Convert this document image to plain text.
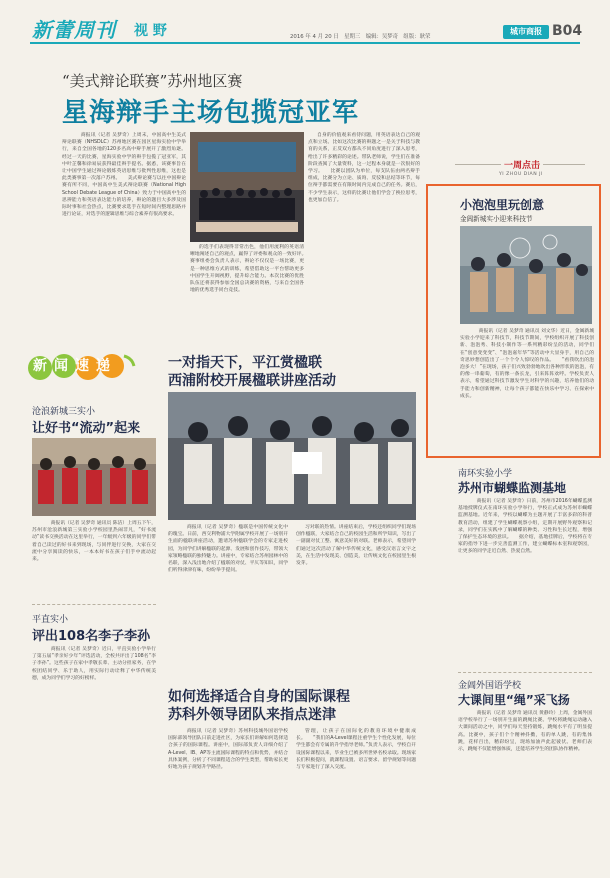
新蕾周刊 视 野	2016 年 4 月 20 日　星期三　编辑：吴梦奇　组版：耿荣
城市商报 B04
“美式辩论联赛”苏州地区赛
星海辩手主场包揽冠亚军
　　商报讯（记者 吴梦奇）上周末，中国高中生美式辩论联赛（NHSDLC）苏州地区赛在园区星海实验中学举行，来自全国各地的120多名高中辩手展开了激烈角逐。经过一天的比赛，星海实验中学的辩手包揽了冠亚军，其中叶芷馨和徐易辰获得最佳辩手提名。据悉，该赛事旨在让中国学生通过辩论锻炼英语思维与批判性思维，这也是此类赛事第一次落户苏州。　　美式辩论赛与以往中国辩论赛有所不同，中国高中生美式辩论联赛（National High School Debate League of China）致力于中国高中生的思辨能力和英语表达能力的培养，辩论的题目大多涉及国际时事和社会热点，比赛要求选手在短时间内整理思路并进行论证，对选手的逻辑思维与综合素养有很高要求。
的选手们表现得非常出色，他们用流利的英语清晰地阐述自己的观点，赢得了评委和观众的一致好评。　　赛事组委会负责人表示，辩论不仅仅是一场比赛，更是一种思维方式的训练，希望借助这一平台帮助更多中国学生开阔视野，提升综合能力。本次比赛的优胜队伍还将获得参加全国总决赛的资格，与来自全国各地的优秀选手同台竞技。
自身的价值观来看待问题，用英语表达自己的观点和立场。比如这次比赛的辩题之一是关于科技与教育的关系，正反双方都从不同角度进行了深入思考，给出了许多精彩的论述。带队老师说，学生们在准备阶段查阅了大量资料，这一过程本身就是一次很好的学习。　　比赛以团队为单位，每支队伍由两名辩手组成，比赛分为立论、质询、反驳和总结等环节，每位辩手都需要在有限时间内完成自己的任务。赛后，不少学生表示，这样的比赛让他们学会了换位思考，也更加自信了。
一周点击
YI ZHOU DIAN JI
小泡泡里玩创意
金阊新城实小迎来科技节
　　商报讯（记者 吴梦奇 通讯员 刘文华）近日，金阊新城实验小学迎来了科技节，科技节期间，学校组织开展了科技创新、泡泡秀、科技小制作等一系列精彩纷呈的活动，同学们在“创意变变变”、“泡泡嘉年华”等活动中大显身手，用自己的奇思妙想创造出了一个个令人惊叹的作品。　　“看我吹出的泡泡多大！”在现场，孩子们兴致勃勃地吹出各种形状的泡泡，有的像一串葡萄，有的像一条长龙，引来阵阵欢呼。学校负责人表示，希望通过科技节激发学生对科学的兴趣，培养他们的动手能力和创新精神，让每个孩子都能在快乐中学习、在探索中成长。
新闻速递
沧浪新城三实小
让好书“流动”起来
　　商报讯（记者 吴梦奇 通讯员 陈洁）上周五下午，苏州市沧浪新城第三实验小学校园里热闹非凡，“好书流动”读书交换活动在这里举行，一年级到六年级的同学们带着自己读过的好书来到现场，与同伴进行交换，大家在交流中分享阅读的快乐，一本本好书在孩子们手中流动起来。
平直实小
评出108名李子李孙
　　商报讯（记者 吴梦奇）近日，平直实验小学举行了第五届“孝亲好少年”评选活动，全校共评出了108名“李子李孙”。这些孩子在家中孝敬长辈、主动分担家务，在学校团结同学、乐于助人，用实际行动诠释了中华传统美德，成为同学们学习的好榜样。
一对指天下，平江赏楹联
西浦附校开展楹联讲座活动
　　商报讯（记者 吴梦奇）楹联是中国传统文化中的瑰宝。日前，西交利物浦大学附属学校开展了一场别开生面的楹联讲座活动，邀请苏州楹联学会的专家走进校园，为同学们讲解楹联的起源、发展和创作技巧，带领大家领略楹联的独特魅力。讲座中，专家结合苏州园林中的名联，深入浅出地介绍了楹联的对仗、平仄等知识，同学们听得津津有味，纷纷举手提问。
习对联的热情。讲座结束后，学校还组织同学们现场创作楹联，大家结合自己的校园生活和所学知识，写出了一副副对仗工整、寓意美好的对联。老师表示，希望同学们通过这次活动了解中华传统文化，感受汉语言文字之美，在生活中发现美、创造美，让传统文化在校园里生根发芽。
如何选择适合自身的国际课程
苏科外领导团队来指点迷津
　　商报讯（记者 吴梦奇）苏州科技城外国语学校国际部领导团队日前走进社区，为家长们讲解如何选择适合孩子的国际课程。讲座中，国际部负责人详细介绍了A-Level、IB、AP等主流国际课程的特点和优势，并结合具体案例，分析了不同课程适合的学生类型，帮助家长更好地为孩子规划升学路径。
管理，让孩子在国际化的教育环境中健康成长。　　“我们的A-Level课程注重学生个性化发展，每位学生都会有专属的升学指导老师。”负责人表示，学校自开设国际课程以来，毕业生已被多所世界名校录取。现场家长们积极提问，就课程设置、语言要求、留学规划等问题与专家进行了深入交流。
南环实验小学
苏州市蝴蝶监测基地
　　商报讯（记者 吴梦奇）日前，苏州市2016年蝴蝶监测基地授牌仪式在南环实验小学举行，学校正式成为苏州市蝴蝶监测基地。近年来，学校以蝴蝶为主题开展了丰富多彩的科普教育活动，组建了学生蝴蝶观察小组，定期开展野外观察和记录，同学们在实践中了解蝴蝶的种类、习性和生长过程，增强了保护生态环境的意识。　　据介绍，基地挂牌后，学校将在专家的指导下进一步完善监测工作，建立蝴蝶标本室和观察园，让更多的同学走近自然、热爱自然。
金阊外国语学校
大课间里“绳”采飞扬
　　商报讯（记者 吴梦奇 通讯员 黄静玲）上周，金阊外国语学校举行了一场别开生面的跳绳比赛。学校将跳绳运动融入大课间活动之中，同学们每天坚持锻炼，跳绳水平有了明显提高。比赛中，孩子们个个精神抖擞，有的单人跳，有的集体跳，花样百出，精彩纷呈，现场加油声此起彼伏。老师们表示，跳绳不仅能增强体质，还能培养学生的团队协作精神。
